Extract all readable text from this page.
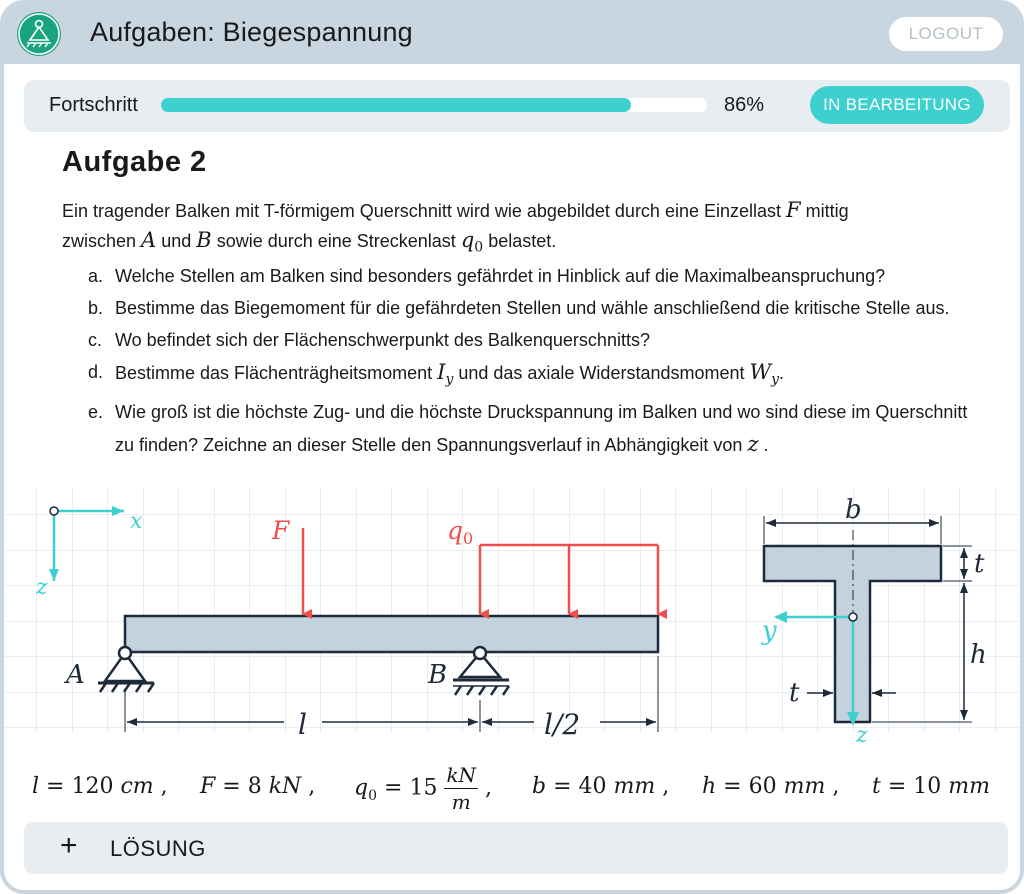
Aufgaben: Biegespannung	LOGOUT
Fortschritt	86%	IN BEARBEITUNG
Aufgabe 2
Ein tragender Balken mit T-förmigem Querschnitt wird wie abgebildet durch eine Einzellast F mittig
zwischen A und B sowie durch eine Streckenlast $q_0$ belastet.
a. Welche Stellen am Balken sind besonders gefährdet in Hinblick auf die Maximalbeanspruchung?
b. Bestimme das Biegemoment für die gefährdeten Stellen und wähle anschließend die kritische Stelle aus.
c. Wo befindet sich der Flächenschwerpunkt des Balkenquerschnitts?
d. Bestimme das Flächenträgheitsmoment $I_y$ und das axiale Widerstandsmoment $W_y$.
e. Wie groß ist die höchste Zug- und die höchste Druckspannung im Balken und wo sind diese im Querschnitt zu finden? Zeichne an dieser Stelle den Spannungsverlauf in Abhängigkeit von z .
x
z
F	$q_0$
A	B
l	l/2
b
t
h
t
y
z
l = 120 cm , F = 8 kN , $q_0 = 15 \frac{kN}{m}$ , b = 40 mm , h = 60 mm , t = 10 mm
+ LÖSUNG
